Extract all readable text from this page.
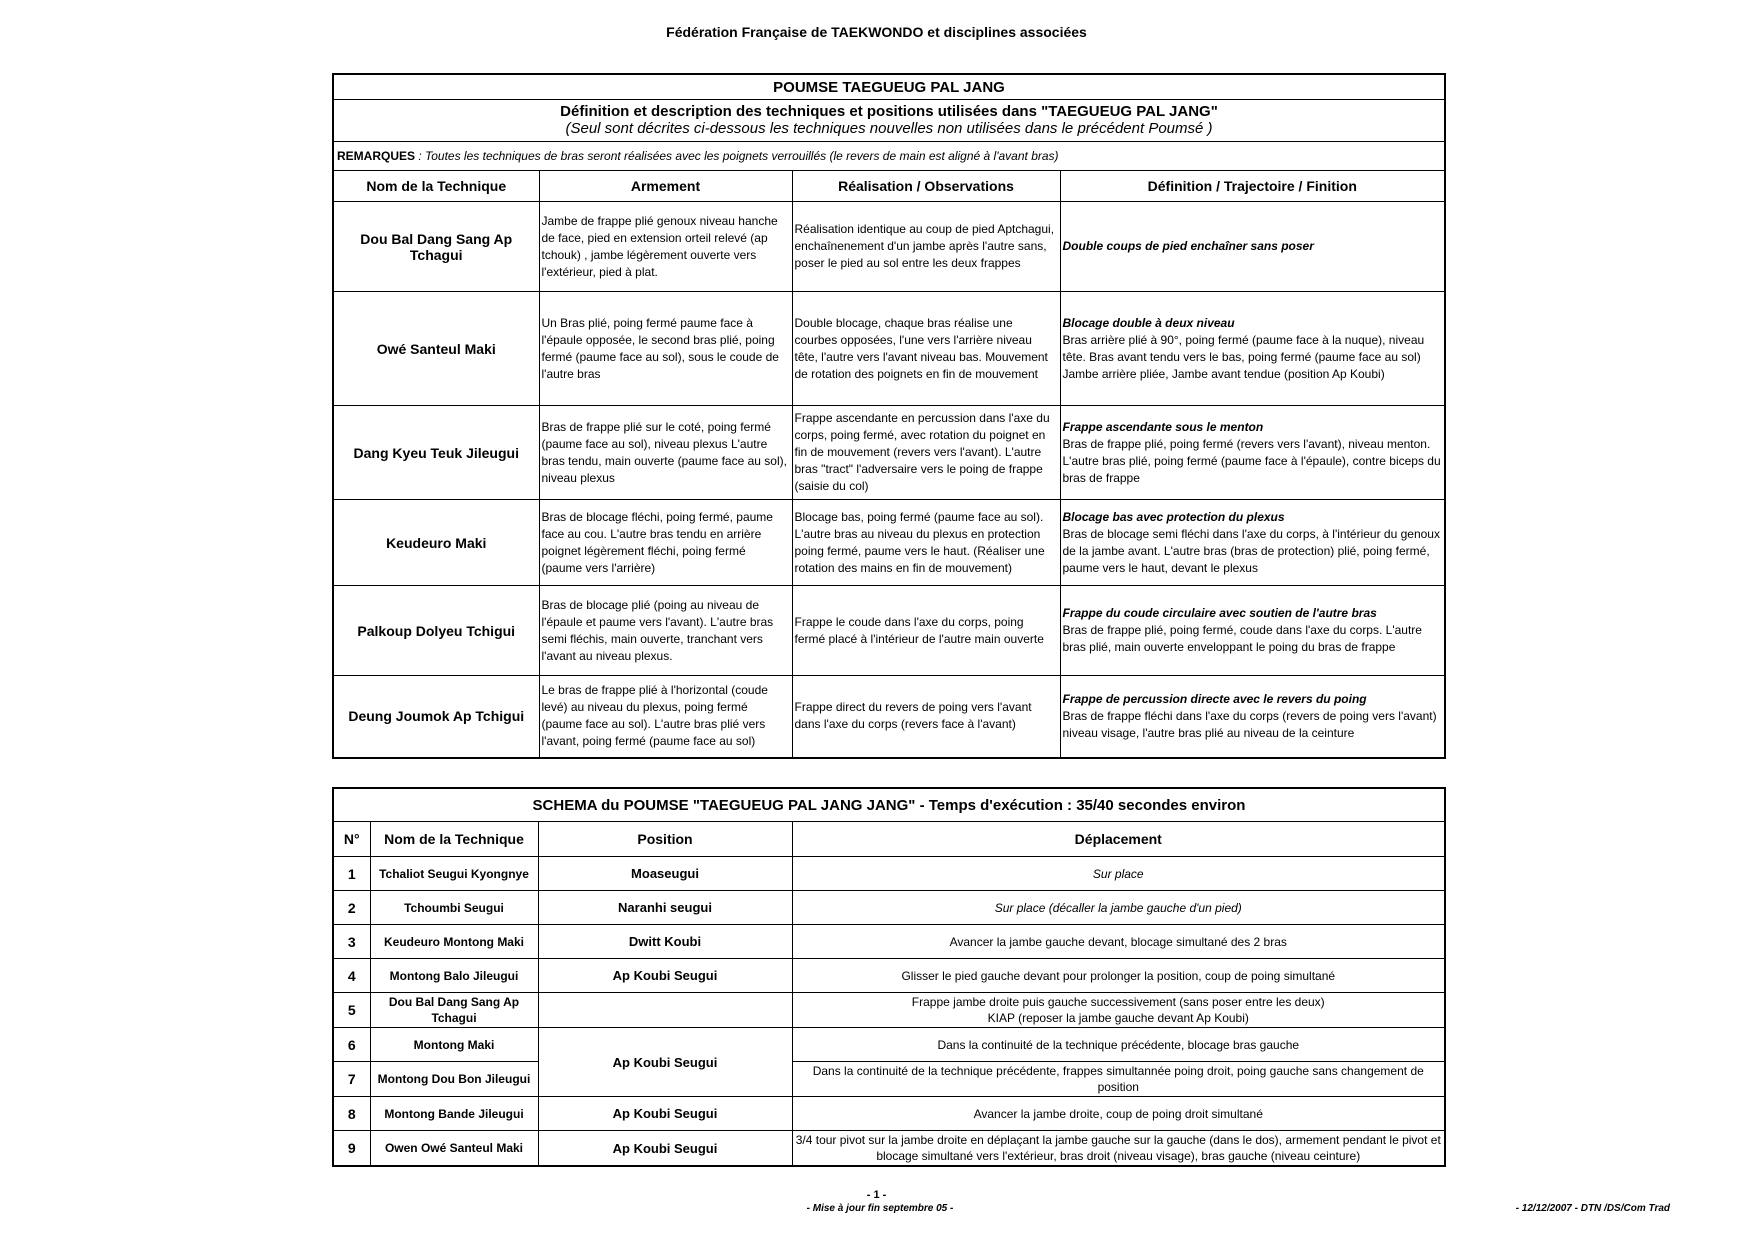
Fédération Française de TAEKWONDO et disciplines associées
POUMSE TAEGUEUG PAL JANG			

Définition et description des techniques et positions utilisées dans "TAEGUEUG PAL JANG"
(Seul sont décrites ci-dessous les techniques nouvelles non utilisées dans le précédent Poumsé )			

REMARQUES : Toutes les techniques de bras seront réalisées avec les poignets verrouillés (le revers de main est aligné à l'avant bras)			
Nom de la Technique	Armement	Réalisation / Observations	Définition / Trajectoire / Finition
Dou Bal Dang Sang Ap Tchagui	Jambe de frappe plié genoux niveau hanche de face, pied en extension orteil relevé (ap tchouk) , jambe légèrement ouverte vers l'extérieur, pied à plat.	Réalisation identique au coup de pied Aptchagui, enchaînenement d'un jambe après l'autre sans, poser le pied au sol entre les deux frappes	Double coups de pied enchaîner sans poser

Owé Santeul Maki	Un Bras plié, poing fermé paume face à l'épaule opposée, le second bras plié, poing fermé (paume face au sol), sous le coude de l'autre bras	Double blocage, chaque bras réalise une courbes opposées, l'une vers l'arrière niveau tête, l'autre vers l'avant niveau bas. Mouvement de rotation des poignets en fin de mouvement	Blocage double à deux niveau
Bras arrière plié à 90°, poing fermé (paume face à la nuque), niveau tête. Bras avant tendu vers le bas, poing fermé (paume face au sol) Jambe arrière pliée, Jambe avant tendue (position Ap Koubi)

Dang Kyeu Teuk Jileugui	Bras de frappe plié sur le coté, poing fermé (paume face au sol), niveau plexus L'autre bras tendu, main ouverte (paume face au sol), niveau plexus	Frappe ascendante en percussion dans l'axe du corps, poing fermé, avec rotation du poignet en fin de mouvement (revers vers l'avant). L'autre bras "tract" l'adversaire vers le poing de frappe (saisie du col)	Frappe ascendante sous le menton
Bras de frappe plié, poing fermé (revers vers l'avant), niveau menton. L'autre bras plié, poing fermé (paume face à l'épaule), contre biceps du bras de frappe

Keudeuro Maki	Bras de blocage fléchi, poing fermé, paume face au cou. L'autre bras tendu en arrière poignet légèrement fléchi, poing fermé (paume vers l'arrière)	Blocage bas, poing fermé (paume face au sol). L'autre bras au niveau du plexus en protection poing fermé, paume vers le haut. (Réaliser une rotation des mains en fin de mouvement)	Blocage bas avec protection du plexus
Bras de blocage semi fléchi dans l'axe du corps, à l'intérieur du genoux de la jambe avant. L'autre bras (bras de protection) plié, poing fermé, paume vers le haut, devant le plexus

Palkoup Dolyeu Tchigui	Bras de blocage plié (poing au niveau de l'épaule et paume vers l'avant). L'autre bras semi fléchis, main ouverte, tranchant vers l'avant au niveau plexus.	Frappe le coude dans l'axe du corps, poing fermé placé à l'intérieur de l'autre main ouverte	Frappe du coude circulaire avec soutien de l'autre bras
Bras de frappe plié, poing fermé, coude dans l'axe du corps. L'autre bras plié, main ouverte enveloppant le poing du bras de frappe

Deung Joumok Ap Tchigui	Le bras de frappe plié à l'horizontal (coude levé) au niveau du plexus, poing fermé (paume face au sol). L'autre bras plié vers l'avant, poing fermé (paume face au sol)	Frappe direct du revers de poing vers l'avant dans l'axe du corps (revers face à l'avant)	Frappe de percussion directe avec le revers du poing
Bras de frappe fléchi dans l'axe du corps (revers de poing vers l'avant) niveau visage, l'autre bras plié au niveau de la ceinture
SCHEMA du POUMSE "TAEGUEUG PAL JANG JANG" - Temps d'exécution : 35/40 secondes environ			
N°	Nom de la Technique	Position	Déplacement
1	Tchaliot Seugui Kyongnye	Moaseugui	Sur place

2	Tchoumbi Seugui	Naranhi seugui	Sur place (décaller la jambe gauche d'un pied)

3	Keudeuro Montong Maki	Dwitt Koubi	Avancer la jambe gauche devant, blocage simultané des 2 bras

4	Montong Balo Jileugui	Ap Koubi Seugui	Glisser le pied gauche devant pour prolonger la position, coup de poing simultané

5	Dou Bal Dang Sang Ap Tchagui		Frappe jambe droite puis gauche successivement (sans poser entre les deux)
KIAP (reposer la jambe gauche devant Ap Koubi)

6	Montong Maki	Ap Koubi Seugui	Dans la continuité de la technique précédente, blocage bras gauche

7	Montong Dou Bon Jileugui		Dans la continuité de la technique précédente, frappes simultannée poing droit, poing gauche sans changement de position

8	Montong Bande Jileugui	Ap Koubi Seugui	Avancer la jambe droite, coup de poing droit simultané

9	Owen Owé Santeul Maki	Ap Koubi Seugui	3/4 tour pivot sur la jambe droite en déplaçant la jambe gauche sur la gauche (dans le dos), armement pendant le pivot et blocage simultané vers l'extérieur, bras droit (niveau visage), bras gauche (niveau ceinture)
- 1 -
- Mise à jour fin septembre 05 -	- 12/12/2007 - DTN /DS/Com Trad
